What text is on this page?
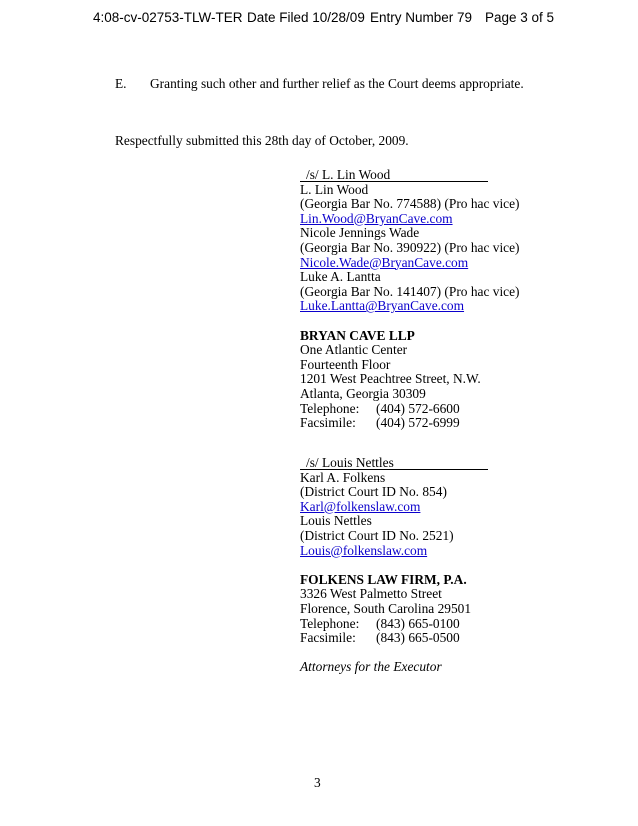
4:08-cv-02753-TLW-TER Date Filed 10/28/09 Entry Number 79 Page 3 of 5
E. Granting such other and further relief as the Court deems appropriate.
Respectfully submitted this 28th day of October, 2009.
/s/ L. Lin Wood
L. Lin Wood
(Georgia Bar No. 774588) (Pro hac vice)
Lin.Wood@BryanCave.com
Nicole Jennings Wade
(Georgia Bar No. 390922) (Pro hac vice)
Nicole.Wade@BryanCave.com
Luke A. Lantta
(Georgia Bar No. 141407) (Pro hac vice)
Luke.Lantta@BryanCave.com
BRYAN CAVE LLP
One Atlantic Center
Fourteenth Floor
1201 West Peachtree Street, N.W.
Atlanta, Georgia 30309
Telephone: (404) 572-6600
Facsimile: (404) 572-6999
/s/ Louis Nettles
Karl A. Folkens
(District Court ID No. 854)
Karl@folkenslaw.com
Louis Nettles
(District Court ID No. 2521)
Louis@folkenslaw.com
FOLKENS LAW FIRM, P.A.
3326 West Palmetto Street
Florence, South Carolina 29501
Telephone: (843) 665-0100
Facsimile: (843) 665-0500
Attorneys for the Executor
3
